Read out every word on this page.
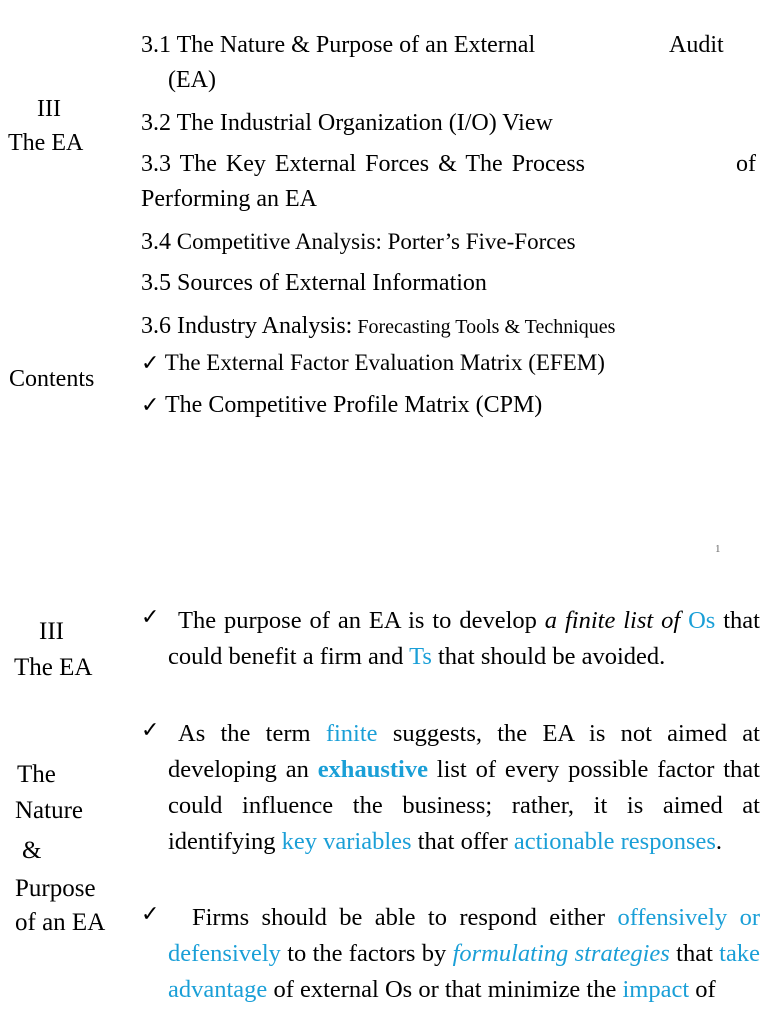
III
The EA
Contents
3.1 The Nature & Purpose of an External	Audit
(EA)
3.2 The Industrial Organization (I/O) View
3.3 The Key External Forces & The Process	of
Performing an EA
3.4 Competitive Analysis: Porter’s Five-Forces
3.5 Sources of External Information
3.6 Industry Analysis: Forecasting Tools & Techniques
✓ The External Factor Evaluation Matrix (EFEM)
✓ The Competitive Profile Matrix (CPM)
1
III
The EA
The
Nature
&
Purpose
of an EA
✓ The purpose of an EA is to develop a finite list of Os that could benefit a firm and Ts that should be avoided.
✓ As the term finite suggests, the EA is not aimed at developing an exhaustive list of every possible factor that could influence the business; rather, it is aimed at identifying key variables that offer actionable responses.
✓	Firms should be able to respond either offensively or defensively to the factors by formulating strategies that take advantage of external Os or that minimize the impact of
